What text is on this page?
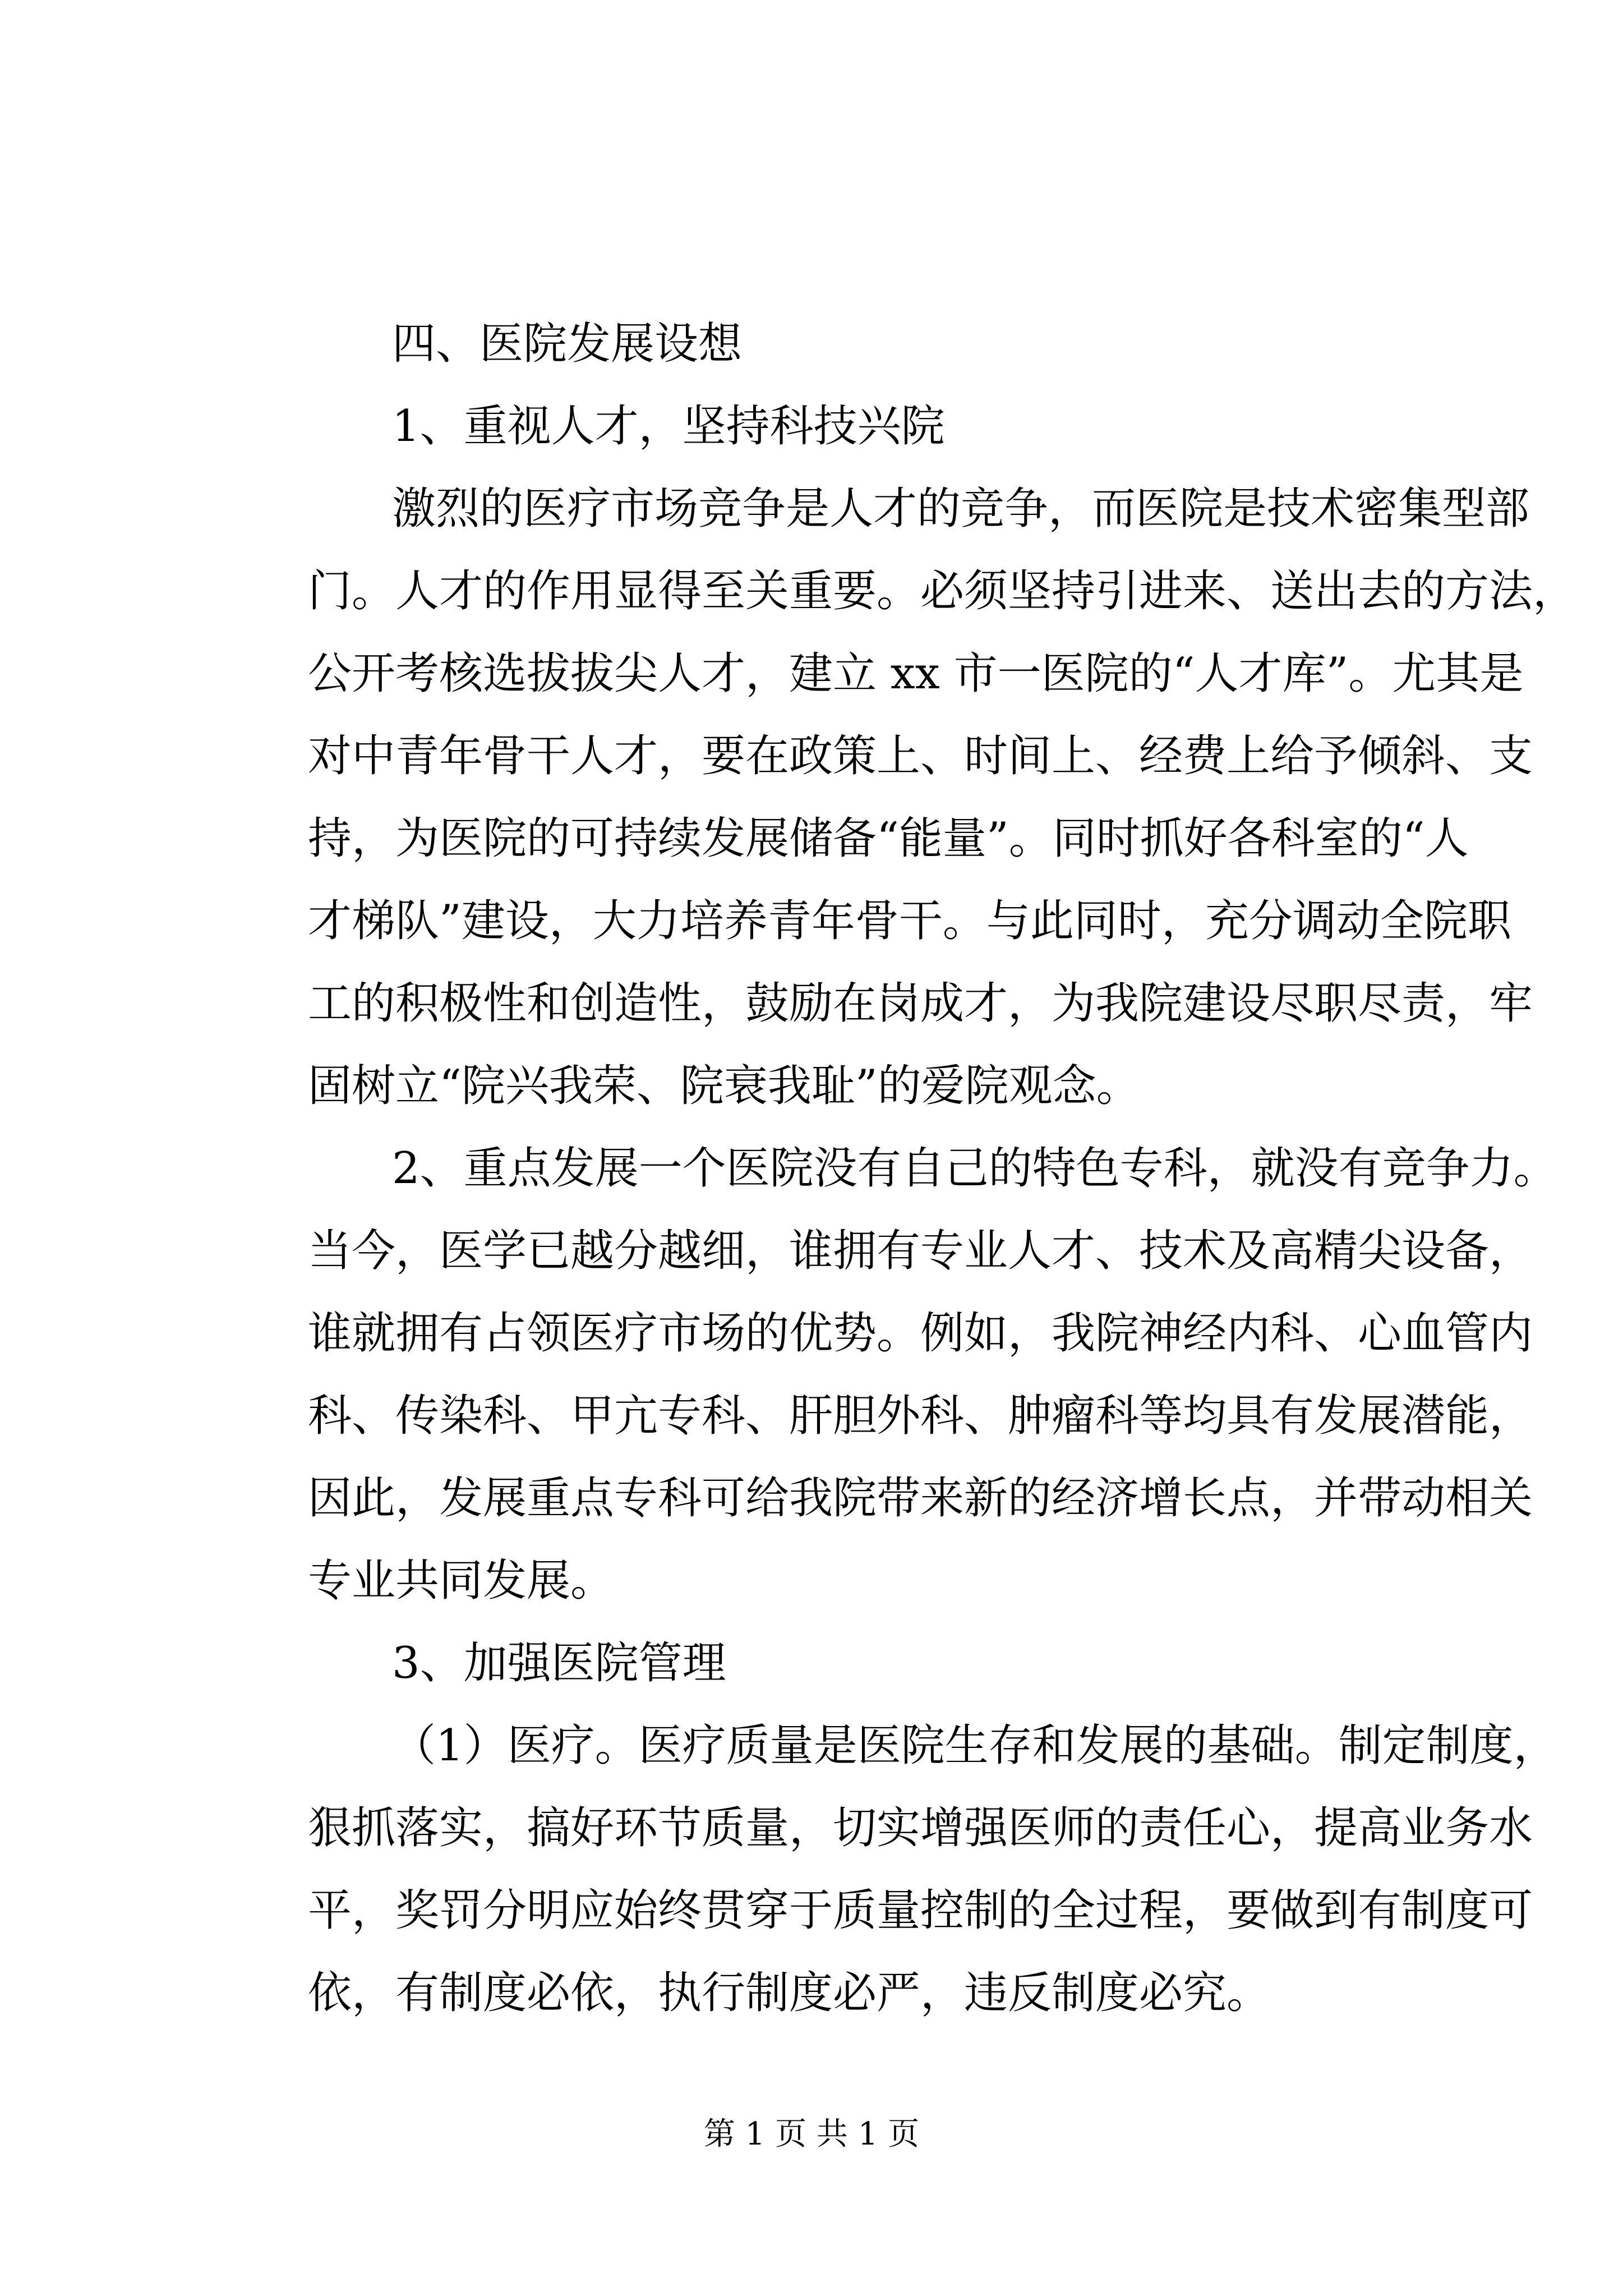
四、医院发展设想
1、重视人才，坚持科技兴院
激烈的医疗市场竞争是人才的竞争，而医院是技术密集型部
门。人才的作用显得至关重要。必须坚持引进来、送出去的方法，
公开考核选拔拔尖人才，建立 xx 市一医院的“人才库”。尤其是
对中青年骨干人才，要在政策上、时间上、经费上给予倾斜、支
持，为医院的可持续发展储备“能量”。同时抓好各科室的“人
才梯队”建设，大力培养青年骨干。与此同时，充分调动全院职
工的积极性和创造性，鼓励在岗成才，为我院建设尽职尽责，牢
固树立“院兴我荣、院衰我耻”的爱院观念。
2、重点发展一个医院没有自己的特色专科，就没有竞争力。
当今，医学已越分越细，谁拥有专业人才、技术及高精尖设备，
谁就拥有占领医疗市场的优势。例如，我院神经内科、心血管内
科、传染科、甲亢专科、肝胆外科、肿瘤科等均具有发展潜能，
因此，发展重点专科可给我院带来新的经济增长点，并带动相关
专业共同发展。
3、加强医院管理
（1）医疗。医疗质量是医院生存和发展的基础。制定制度，
狠抓落实，搞好环节质量，切实增强医师的责任心，提高业务水
平，奖罚分明应始终贯穿于质量控制的全过程，要做到有制度可
依，有制度必依，执行制度必严，违反制度必究。
第 1 页 共 1 页
